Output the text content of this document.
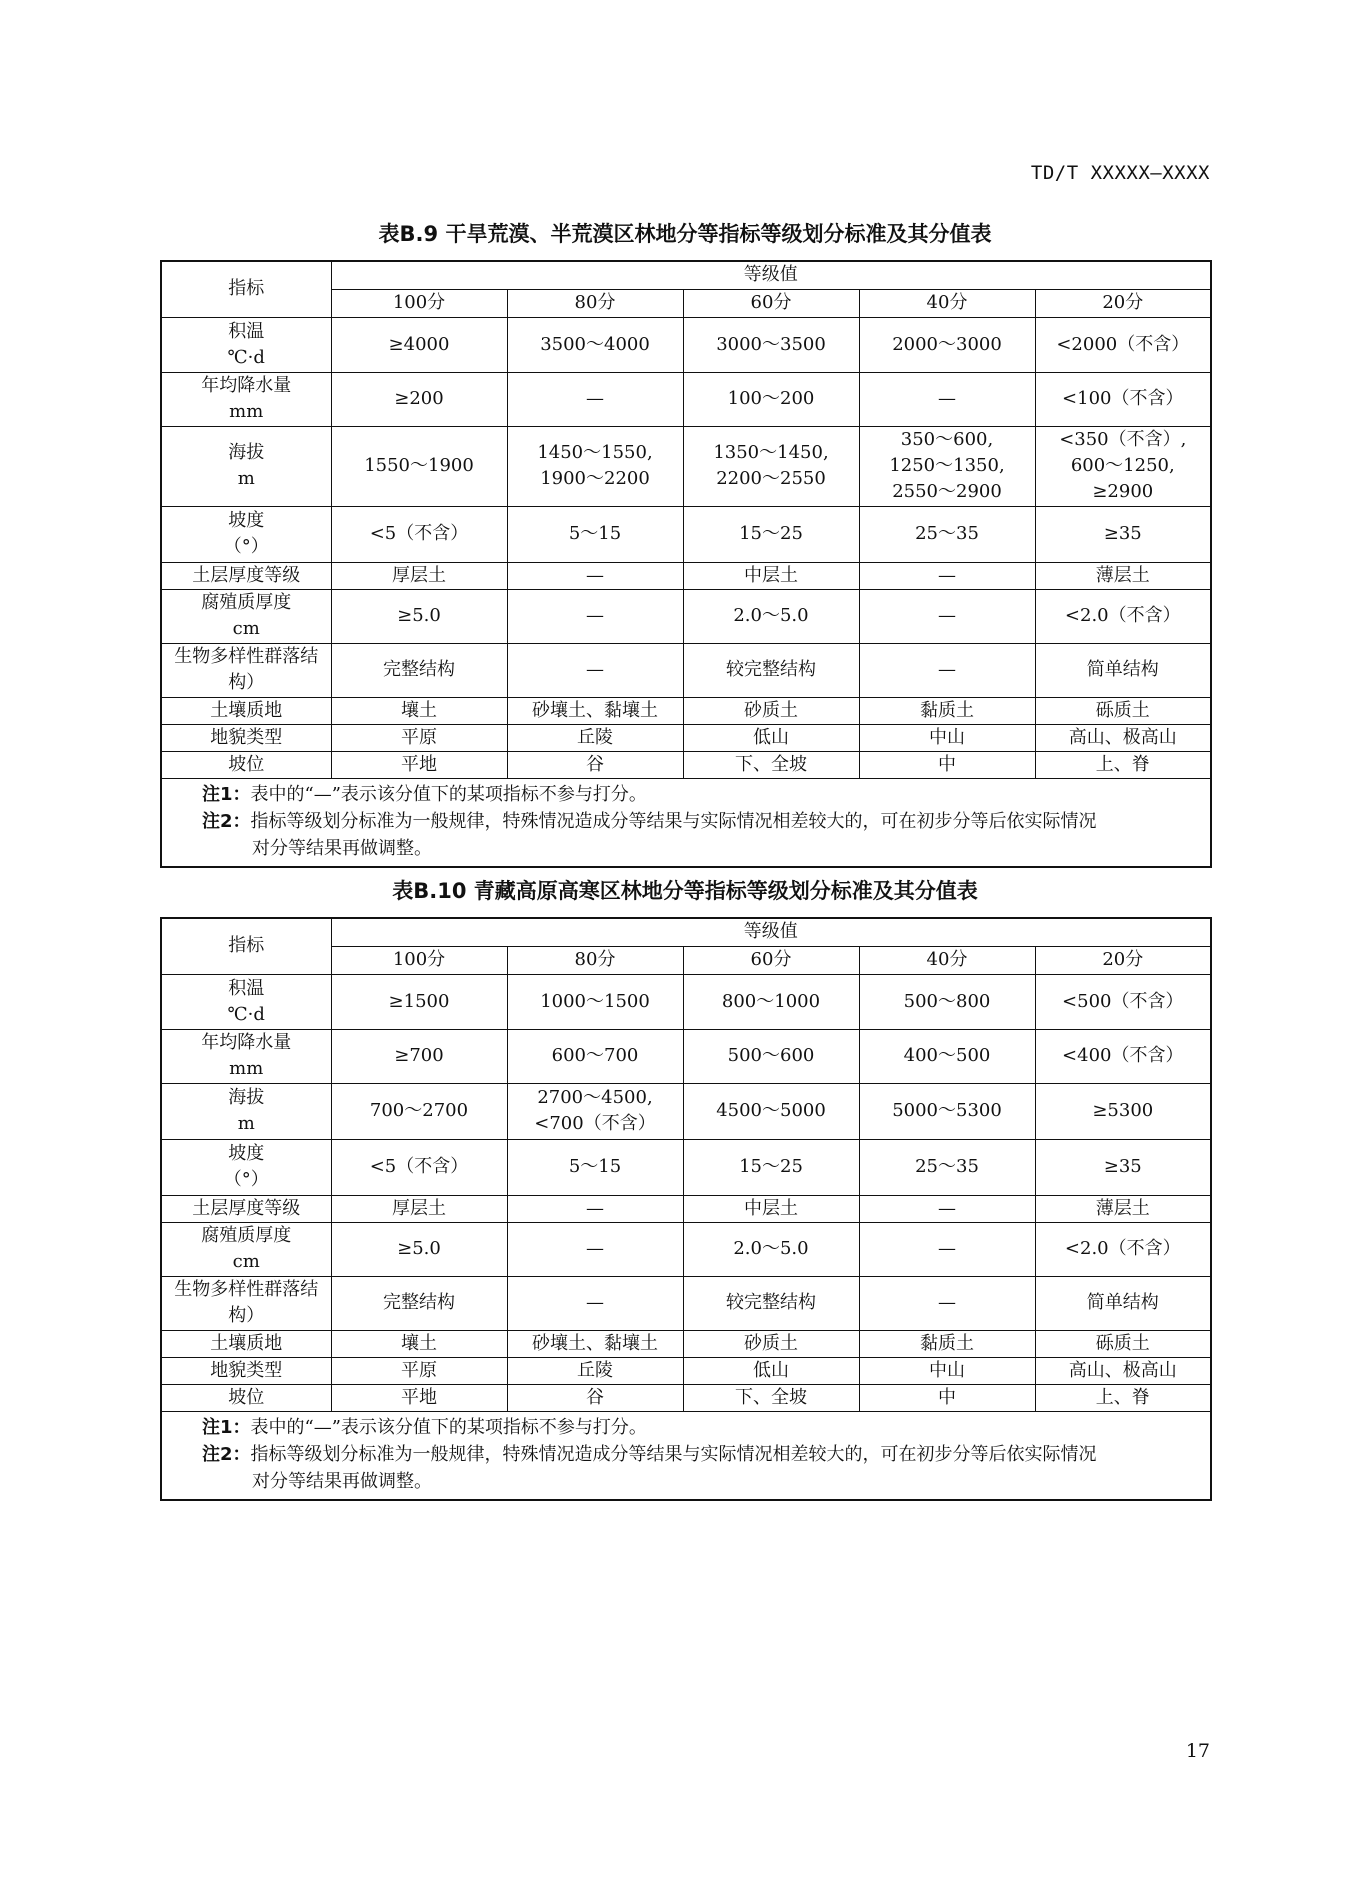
TD/T XXXXX—XXXX
表B.9 干旱荒漠、半荒漠区林地分等指标等级划分标准及其分值表
指标	等级值				
	100分	80分	60分	40分	20分

积温
℃·d	≥4000	3500～4000	3000～3500	2000～3000	<2000（不含）

年均降水量
mm	≥200	—	100～200	—	<100（不含）

海拔
m	1550～1900	1450～1550,
1900～2200	1350～1450,
2200～2550	350～600,
1250～1350,
2550～2900	<350（不含）,
600～1250,
≥2900

坡度
（°）	<5（不含）	5～15	15～25	25～35	≥35

土层厚度等级	厚层土	—	中层土	—	薄层土

腐殖质厚度
cm	≥5.0	—	2.0～5.0	—	<2.0（不含）

生物多样性群落结
构）	完整结构	—	较完整结构	—	简单结构

土壤质地	壤土	砂壤土、黏壤土	砂质土	黏质土	砾质土

地貌类型	平原	丘陵	低山	中山	高山、极高山

坡位	平地	谷	下、全坡	中	上、脊

注1：表中的“—”表示该分值下的某项指标不参与打分。
注2：指标等级划分标准为一般规律，特殊情况造成分等结果与实际情况相差较大的，可在初步分等后依实际情况
对分等结果再做调整。					
表B.10 青藏高原高寒区林地分等指标等级划分标准及其分值表
指标	等级值				
	100分	80分	60分	40分	20分

积温
℃·d	≥1500	1000～1500	800～1000	500～800	<500（不含）

年均降水量
mm	≥700	600～700	500～600	400～500	<400（不含）

海拔
m	700～2700	2700～4500,
<700（不含）	4500～5000	5000～5300	≥5300

坡度
（°）	<5（不含）	5～15	15～25	25～35	≥35

土层厚度等级	厚层土	—	中层土	—	薄层土

腐殖质厚度
cm	≥5.0	—	2.0～5.0	—	<2.0（不含）

生物多样性群落结
构）	完整结构	—	较完整结构	—	简单结构

土壤质地	壤土	砂壤土、黏壤土	砂质土	黏质土	砾质土

地貌类型	平原	丘陵	低山	中山	高山、极高山

坡位	平地	谷	下、全坡	中	上、脊

注1：表中的“—”表示该分值下的某项指标不参与打分。
注2：指标等级划分标准为一般规律，特殊情况造成分等结果与实际情况相差较大的，可在初步分等后依实际情况
对分等结果再做调整。					
17
